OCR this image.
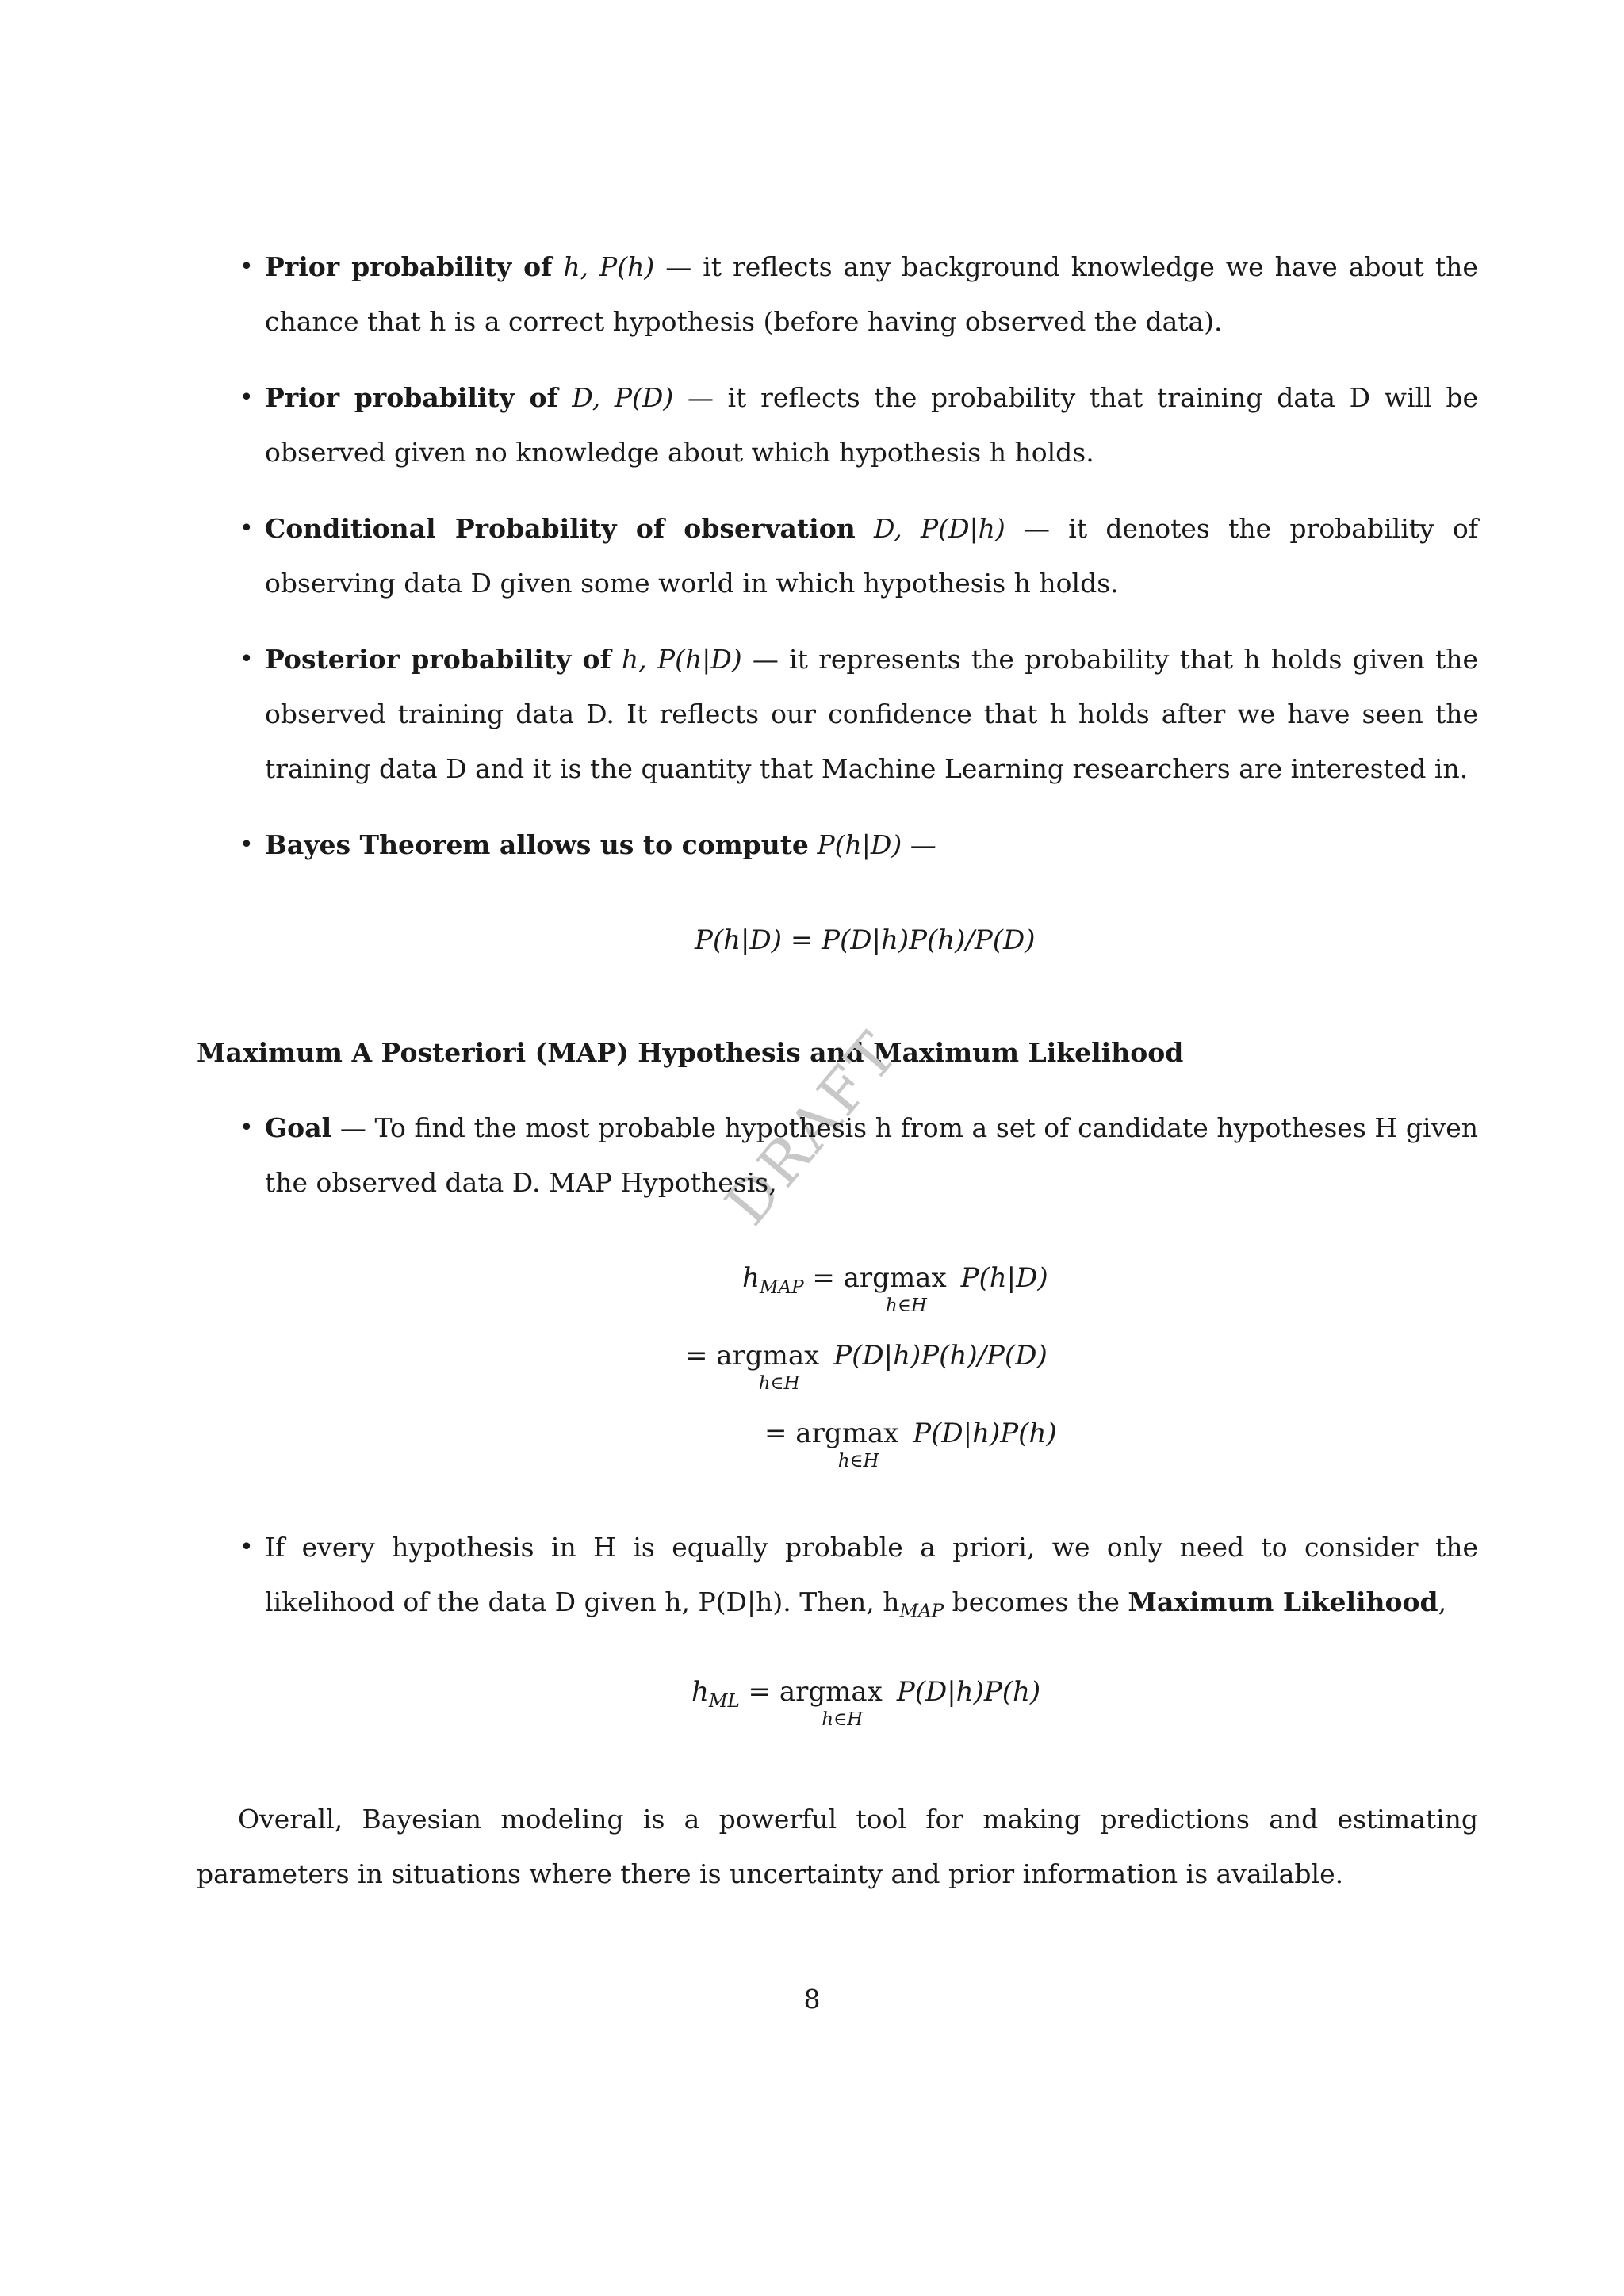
• Prior probability of h, P(h) — it reflects any background knowledge we have about the chance that h is a correct hypothesis (before having observed the data).
• Prior probability of D, P(D) — it reflects the probability that training data D will be observed given no knowledge about which hypothesis h holds.
• Conditional Probability of observation D, P(D|h) — it denotes the probability of observing data D given some world in which hypothesis h holds.
• Posterior probability of h, P(h|D) — it represents the probability that h holds given the observed training data D. It reflects our confidence that h holds after we have seen the training data D and it is the quantity that Machine Learning researchers are interested in.
• Bayes Theorem allows us to compute P(h|D) —
P(h|D) = P(D|h)P(h)/P(D)
Maximum A Posteriori (MAP) Hypothesis and Maximum Likelihood
DRAFT
• Goal — To find the most probable hypothesis h from a set of candidate hypotheses H given the observed data D. MAP Hypothesis,
$h_{MAP} = argmax$
h∈H
P(h|D)
= argmax
h∈H
P(D|h)P(h)/P(D)
= argmax
h∈H
P(D|h)P(h)
• If every hypothesis in H is equally probable a priori, we only need to consider the likelihood of the data D given h, P(D|h). Then, $h_{MAP}$ becomes the Maximum Likelihood,
$h_{ML} = argmax$
h∈H
P(D|h)P(h)
Overall, Bayesian modeling is a powerful tool for making predictions and estimating parameters in situations where there is uncertainty and prior information is available.
8
